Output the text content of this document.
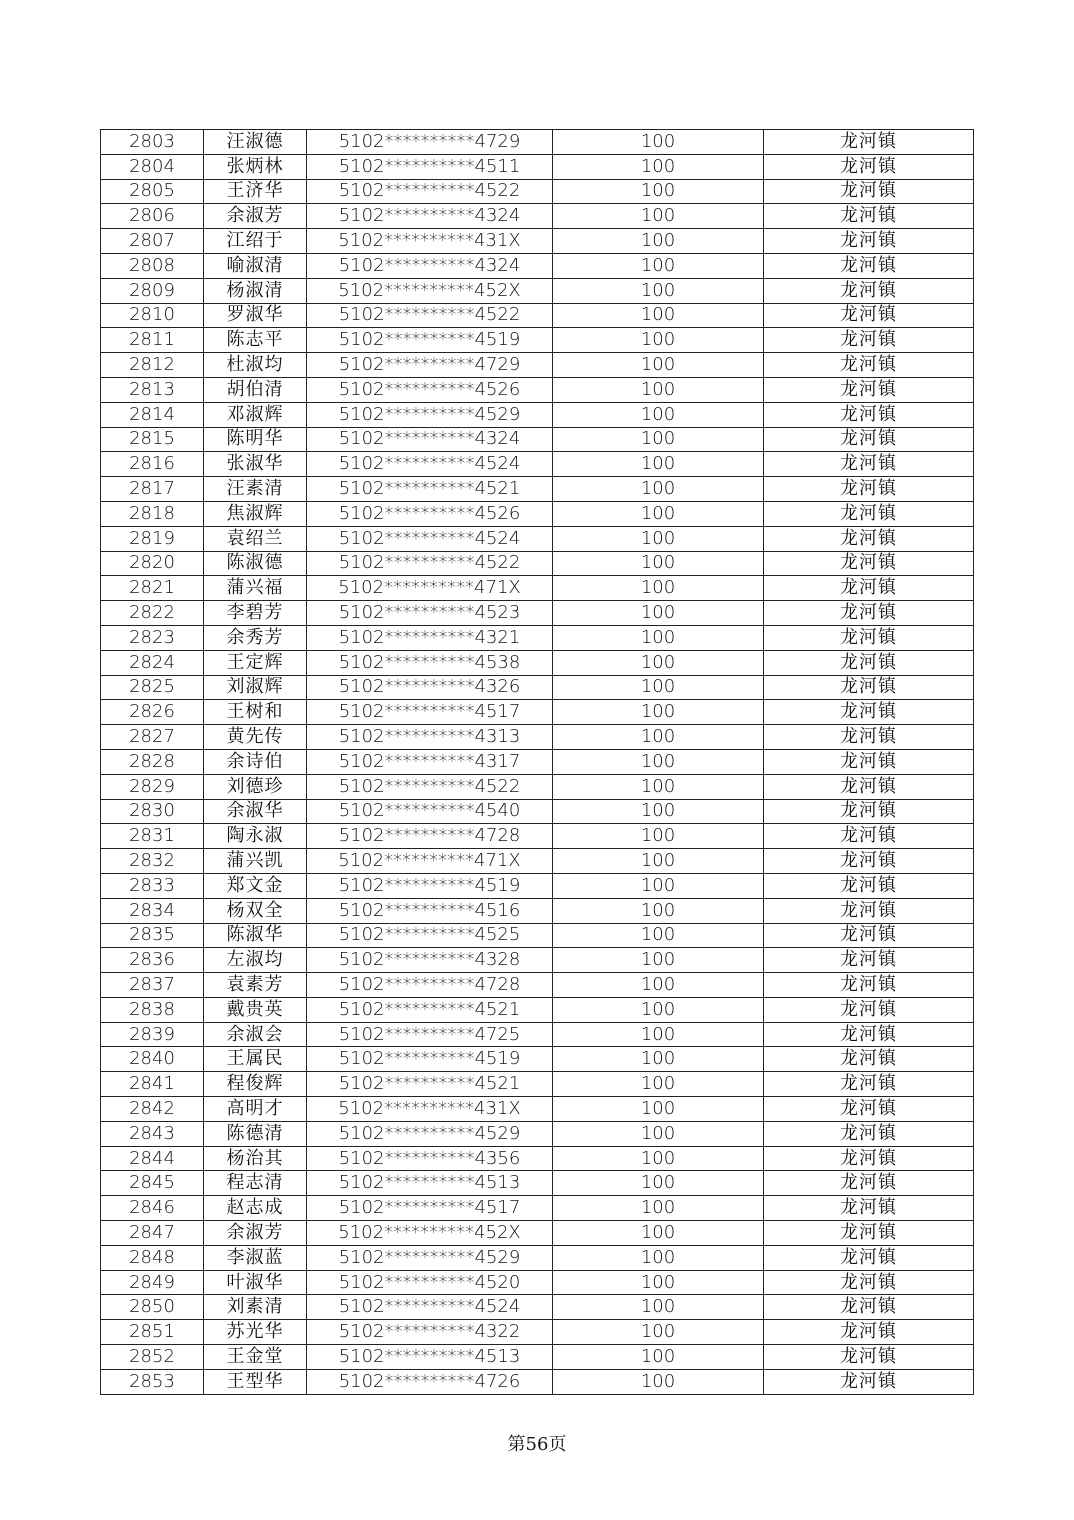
2803	汪淑德	5102**********4729	100	龙河镇
2804	张炳林	5102**********4511	100	龙河镇
2805	王济华	5102**********4522	100	龙河镇
2806	余淑芳	5102**********4324	100	龙河镇
2807	江绍于	5102**********431X	100	龙河镇
2808	喻淑清	5102**********4324	100	龙河镇
2809	杨淑清	5102**********452X	100	龙河镇
2810	罗淑华	5102**********4522	100	龙河镇
2811	陈志平	5102**********4519	100	龙河镇
2812	杜淑均	5102**********4729	100	龙河镇
2813	胡伯清	5102**********4526	100	龙河镇
2814	邓淑辉	5102**********4529	100	龙河镇
2815	陈明华	5102**********4324	100	龙河镇
2816	张淑华	5102**********4524	100	龙河镇
2817	汪素清	5102**********4521	100	龙河镇
2818	焦淑辉	5102**********4526	100	龙河镇
2819	袁绍兰	5102**********4524	100	龙河镇
2820	陈淑德	5102**********4522	100	龙河镇
2821	蒲兴福	5102**********471X	100	龙河镇
2822	李碧芳	5102**********4523	100	龙河镇
2823	余秀芳	5102**********4321	100	龙河镇
2824	王定辉	5102**********4538	100	龙河镇
2825	刘淑辉	5102**********4326	100	龙河镇
2826	王树和	5102**********4517	100	龙河镇
2827	黄先传	5102**********4313	100	龙河镇
2828	余诗伯	5102**********4317	100	龙河镇
2829	刘德珍	5102**********4522	100	龙河镇
2830	余淑华	5102**********4540	100	龙河镇
2831	陶永淑	5102**********4728	100	龙河镇
2832	蒲兴凯	5102**********471X	100	龙河镇
2833	郑文金	5102**********4519	100	龙河镇
2834	杨双全	5102**********4516	100	龙河镇
2835	陈淑华	5102**********4525	100	龙河镇
2836	左淑均	5102**********4328	100	龙河镇
2837	袁素芳	5102**********4728	100	龙河镇
2838	戴贵英	5102**********4521	100	龙河镇
2839	余淑会	5102**********4725	100	龙河镇
2840	王属民	5102**********4519	100	龙河镇
2841	程俊辉	5102**********4521	100	龙河镇
2842	高明才	5102**********431X	100	龙河镇
2843	陈德清	5102**********4529	100	龙河镇
2844	杨治其	5102**********4356	100	龙河镇
2845	程志清	5102**********4513	100	龙河镇
2846	赵志成	5102**********4517	100	龙河镇
2847	余淑芳	5102**********452X	100	龙河镇
2848	李淑蓝	5102**********4529	100	龙河镇
2849	叶淑华	5102**********4520	100	龙河镇
2850	刘素清	5102**********4524	100	龙河镇
2851	苏光华	5102**********4322	100	龙河镇
2852	王金堂	5102**********4513	100	龙河镇
2853	王型华	5102**********4726	100	龙河镇
第56页
